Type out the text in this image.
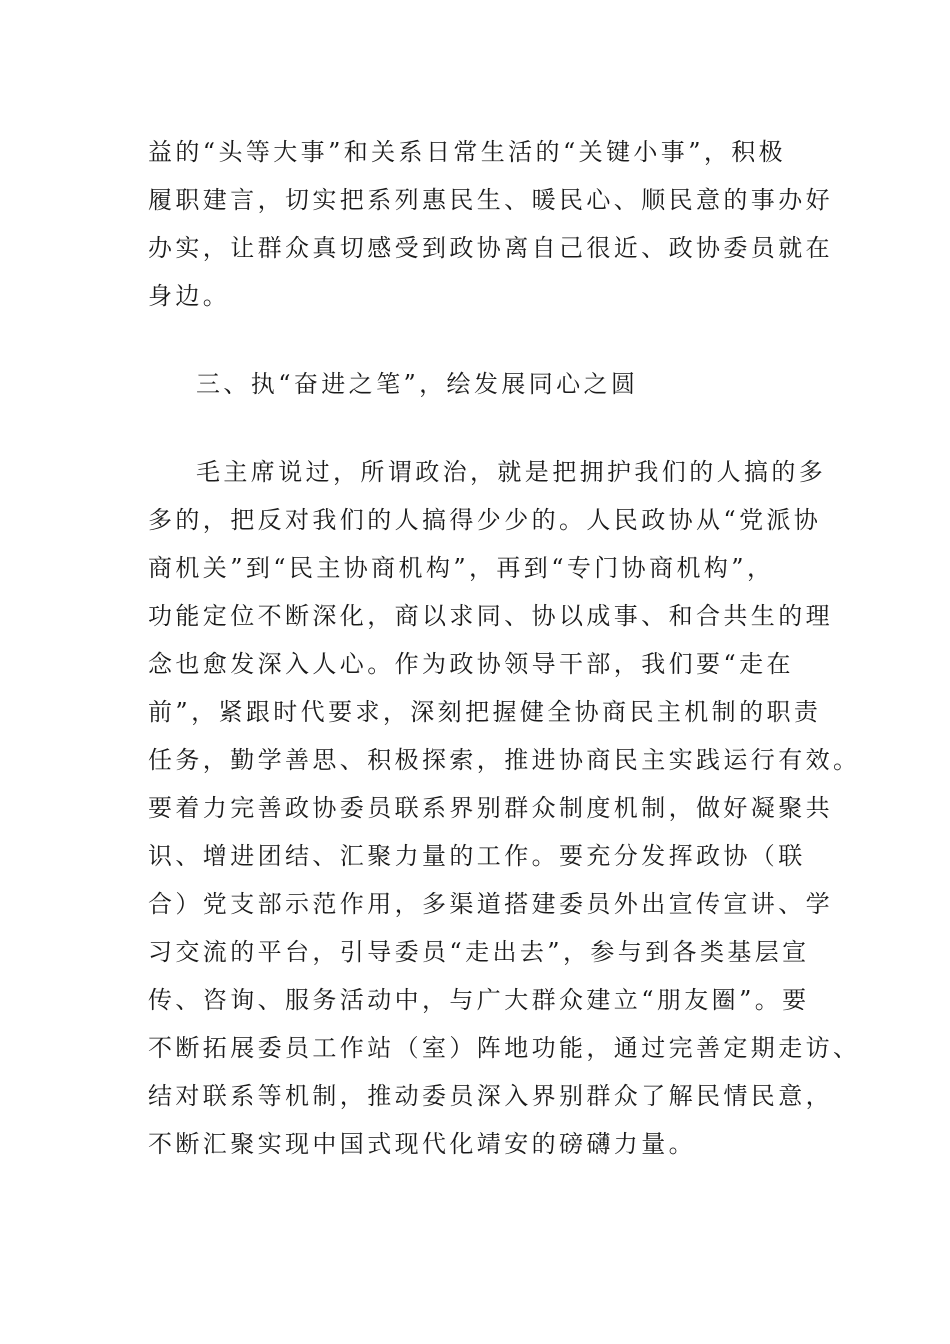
益的“头等大事”和关系日常生活的“关键小事”，积极
履职建言，切实把系列惠民生、暖民心、顺民意的事办好
办实，让群众真切感受到政协离自己很近、政协委员就在
身边。
三、执“奋进之笔”，绘发展同心之圆
毛主席说过，所谓政治，就是把拥护我们的人搞的多
多的，把反对我们的人搞得少少的。人民政协从“党派协
商机关”到“民主协商机构”，再到“专门协商机构”，
功能定位不断深化，商以求同、协以成事、和合共生的理
念也愈发深入人心。作为政协领导干部，我们要“走在
前”，紧跟时代要求，深刻把握健全协商民主机制的职责
任务，勤学善思、积极探索，推进协商民主实践运行有效。
要着力完善政协委员联系界别群众制度机制，做好凝聚共
识、增进团结、汇聚力量的工作。要充分发挥政协（联
合）党支部示范作用，多渠道搭建委员外出宣传宣讲、学
习交流的平台，引导委员“走出去”，参与到各类基层宣
传、咨询、服务活动中，与广大群众建立“朋友圈”。要
不断拓展委员工作站（室）阵地功能，通过完善定期走访、
结对联系等机制，推动委员深入界别群众了解民情民意，
不断汇聚实现中国式现代化靖安的磅礴力量。
